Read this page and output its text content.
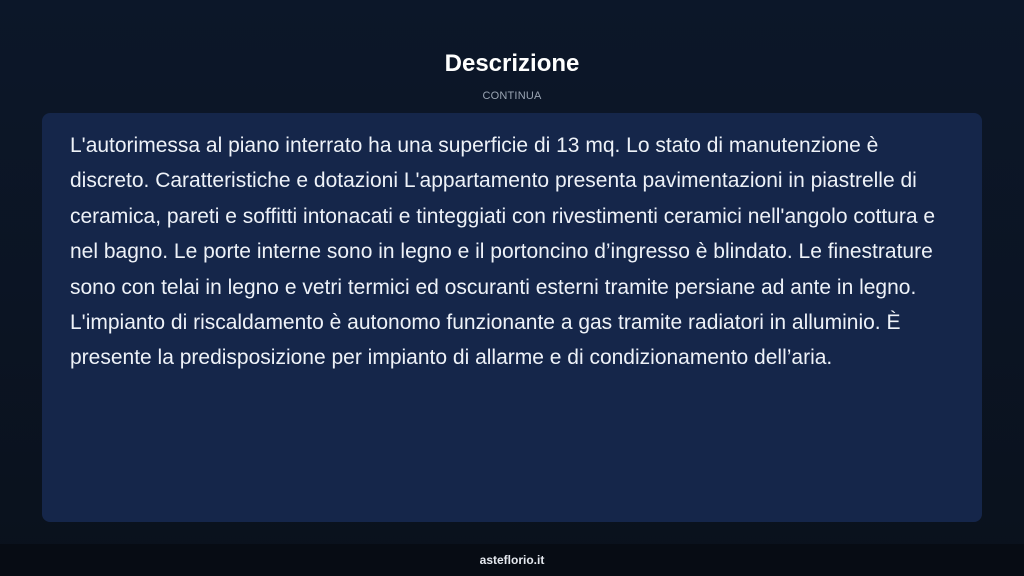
Descrizione
CONTINUA

L'autorimessa al piano interrato ha una superficie di 13 mq. Lo stato di manutenzione è discreto. Caratteristiche e dotazioni L'appartamento presenta pavimentazioni in piastrelle di ceramica, pareti e soffitti intonacati e tinteggiati con rivestimenti ceramici nell'angolo cottura e nel bagno. Le porte interne sono in legno e il portoncino d’ingresso è blindato. Le finestrature sono con telai in legno e vetri termici ed oscuranti esterni tramite persiane ad ante in legno. L'impianto di riscaldamento è autonomo funzionante a gas tramite radiatori in alluminio. È presente la predisposizione per impianto di allarme e di condizionamento dell’aria.

asteflorio.it
